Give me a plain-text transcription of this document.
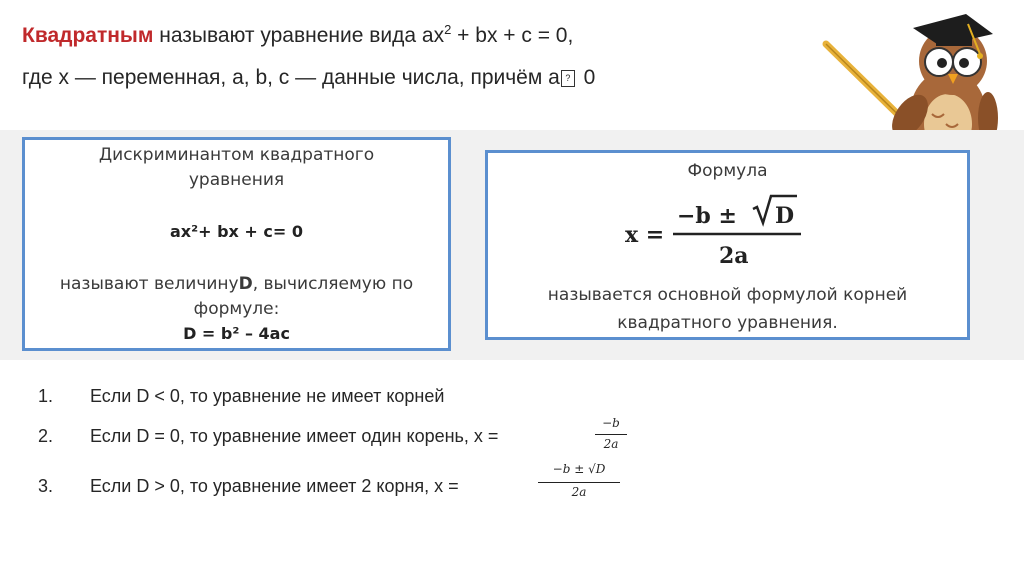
Квадратным называют уравнение вида $ax^2$ + bx + c = 0,
где x — переменная, a, b, c — данные числа, причём a ? 0
Дискриминантом квадратного
уравнения
ax²+ bx + c= 0
называют величинуD, вычисляемую по
формуле:
D = b² – 4ac
Формула
x =
−b ± D
2a
называется основной формулой корней
квадратного уравнения.
1. Если D < 0, то уравнение не имеет корней
2. Если D = 0, то уравнение имеет один корень, x =
−b
2a
3. Если D > 0, то уравнение имеет 2 корня, x =
−b ± √D
2a
